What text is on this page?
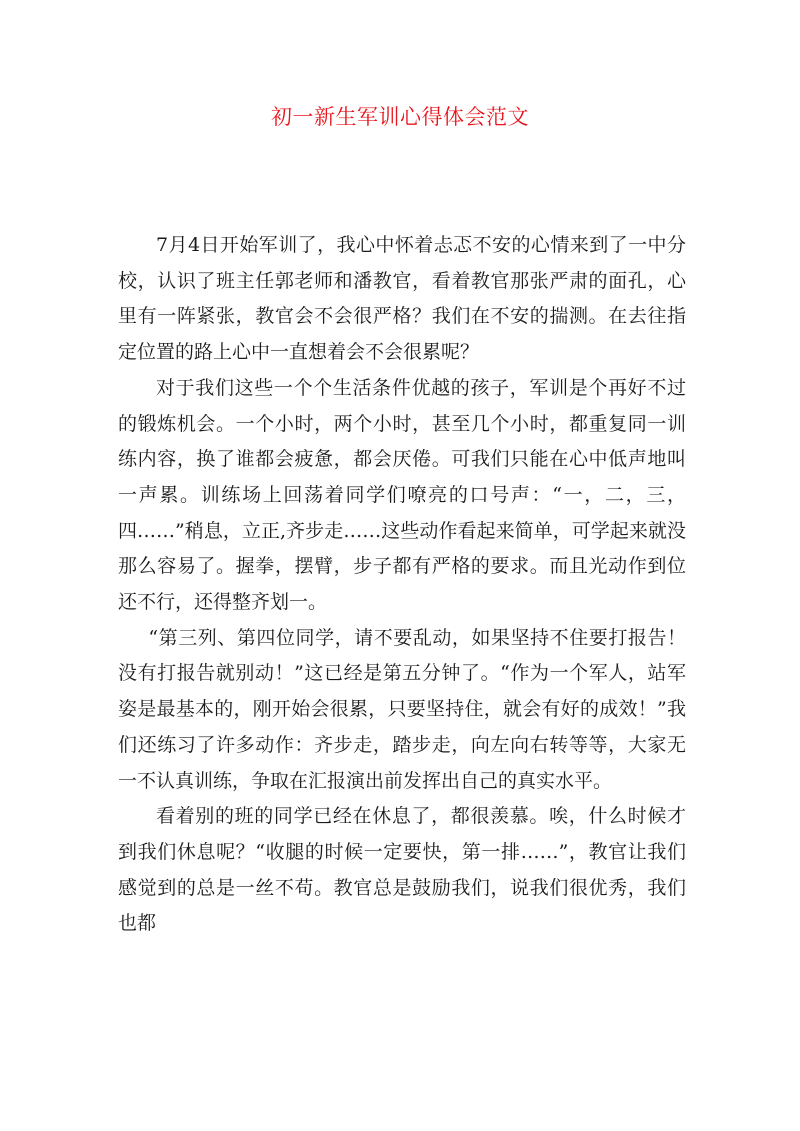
初一新生军训心得体会范文

7月4日开始军训了，我心中怀着忐忑不安的心情来到了一中分校，认识了班主任郭老师和潘教官，看着教官那张严肃的面孔，心里有一阵紧张，教官会不会很严格？我们在不安的揣测。在去往指定位置的路上心中一直想着会不会很累呢？

对于我们这些一个个生活条件优越的孩子，军训是个再好不过的锻炼机会。一个小时，两个小时，甚至几个小时，都重复同一训练内容，换了谁都会疲惫，都会厌倦。可我们只能在心中低声地叫一声累。训练场上回荡着同学们嘹亮的口号声：“一，二，三，四……”稍息，立正,齐步走……这些动作看起来简单，可学起来就没那么容易了。握拳，摆臂，步子都有严格的要求。而且光动作到位还不行，还得整齐划一。

“第三列、第四位同学，请不要乱动，如果坚持不住要打报告！没有打报告就别动！”这已经是第五分钟了。“作为一个军人，站军姿是最基本的，刚开始会很累，只要坚持住，就会有好的成效！”我们还练习了许多动作：齐步走，踏步走，向左向右转等等，大家无一不认真训练，争取在汇报演出前发挥出自己的真实水平。

看着别的班的同学已经在休息了，都很羡慕。唉，什么时候才到我们休息呢？“收腿的时候一定要快，第一排……”，教官让我们感觉到的总是一丝不苟。教官总是鼓励我们，说我们很优秀，我们也都
